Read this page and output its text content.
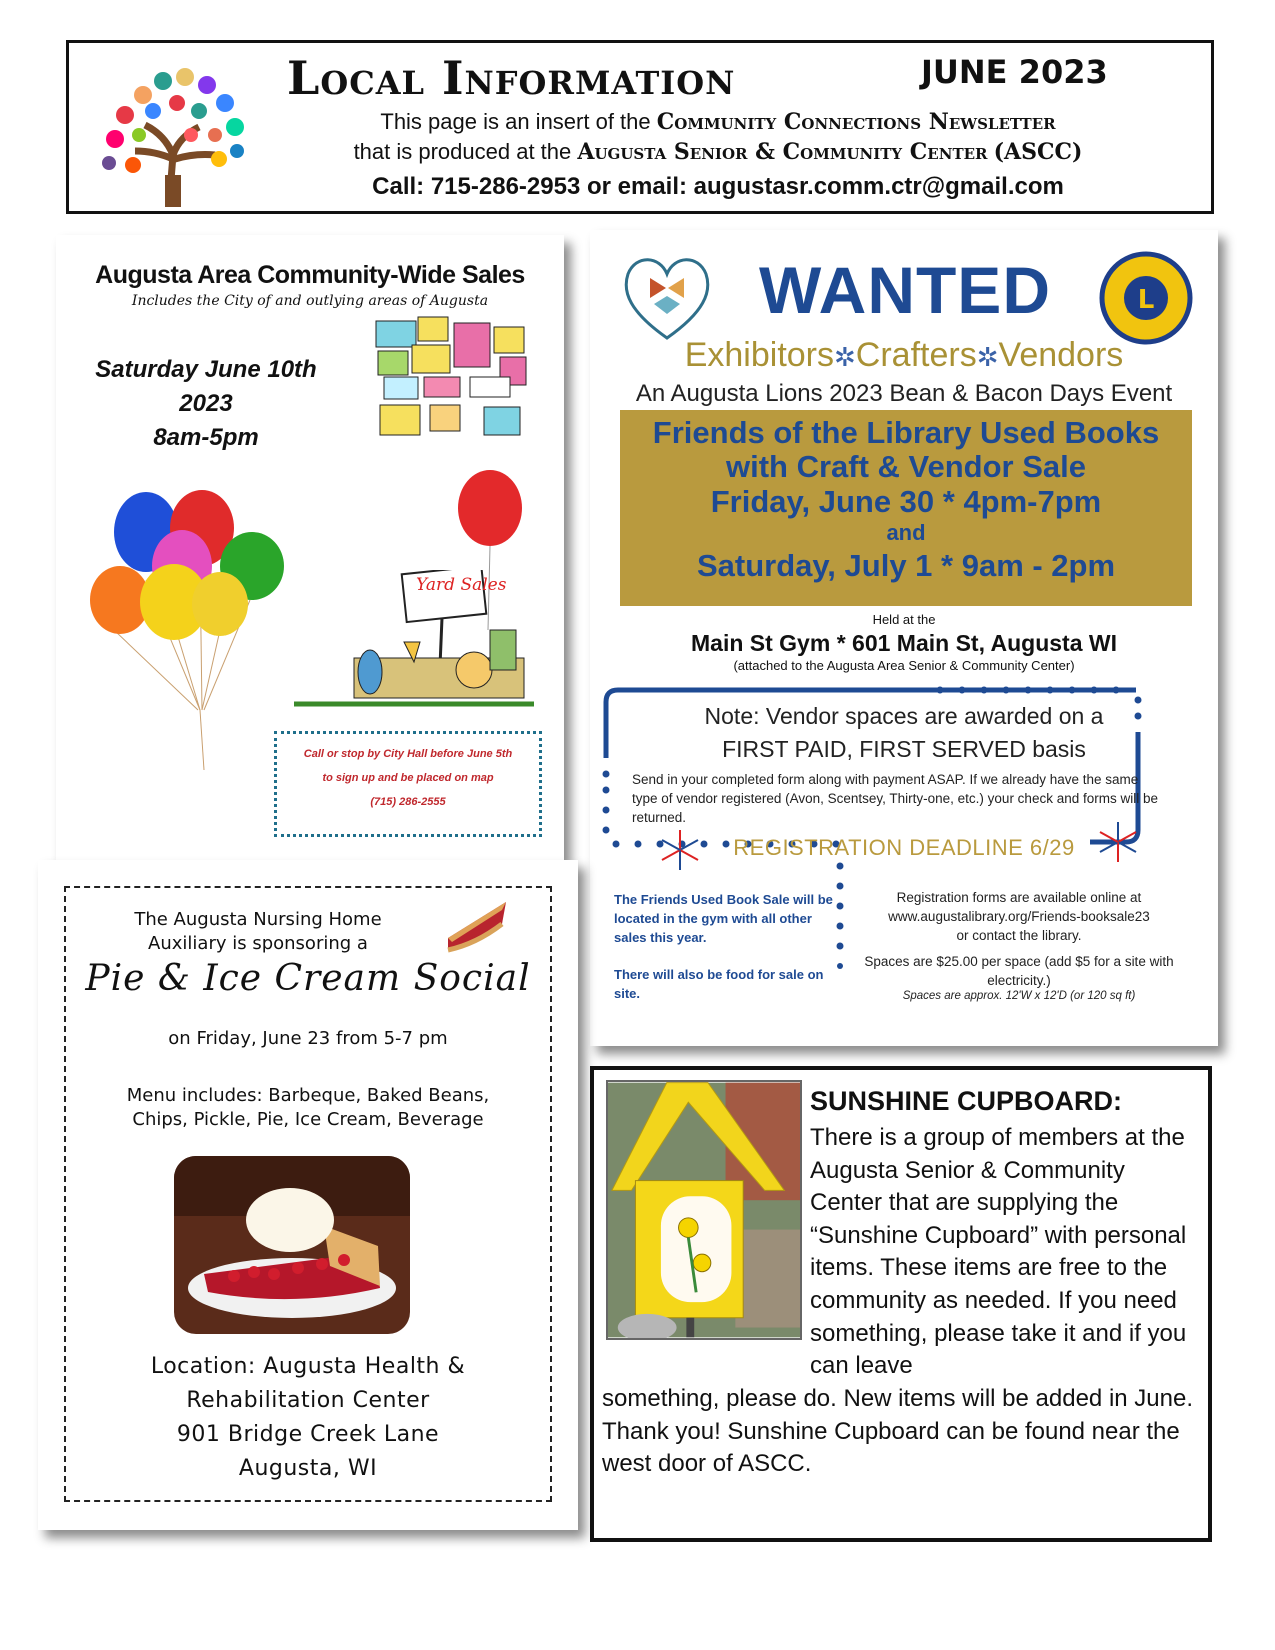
Local Information	JUNE 2023
This page is an insert of the Community Connections Newsletter
that is produced at the Augusta Senior & Community Center (ASCC)
Call: 715-286-2953 or email: augustasr.comm.ctr@gmail.com
Augusta Area Community-Wide Sales
Includes the City of and outlying areas of Augusta
Saturday June 10th
2023
8am-5pm
Yard Sales
Call or stop by City Hall before June 5th
to sign up and be placed on map
(715) 286-2555
L
WANTED
Exhibitors✲Crafters✲Vendors
An Augusta Lions 2023 Bean & Bacon Days Event
Friends of the Library Used Books
with Craft & Vendor Sale
Friday, June 30 * 4pm-7pm
and
Saturday, July 1 * 9am - 2pm
Held at the
Main St Gym * 601 Main St, Augusta WI
(attached to the Augusta Area Senior & Community Center)
Note: Vendor spaces are awarded on a
FIRST PAID, FIRST SERVED basis
Send in your completed form along with payment ASAP. If we already have the same type of vendor registered (Avon, Scentsey, Thirty-one, etc.) your check and forms will be returned.
REGISTRATION DEADLINE 6/29
The Friends Used Book Sale will be located in the gym with all other sales this year.
There will also be food for sale on site.
Registration forms are available online at
www.augustalibrary.org/Friends-booksale23
or contact the library.
Spaces are $25.00 per space (add $5 for a site with electricity.)
Spaces are approx. 12'W x 12'D (or 120 sq ft)
The Augusta Nursing Home
Auxiliary is sponsoring a
Pie & Ice Cream Social
on Friday, June 23 from 5-7 pm
Menu includes: Barbeque, Baked Beans,
Chips, Pickle, Pie, Ice Cream, Beverage
Location: Augusta Health &
Rehabilitation Center
901 Bridge Creek Lane
Augusta, WI
SUNSHINE CUPBOARD:
There is a group of members at the Augusta Senior & Community Center that are supplying the “Sunshine Cupboard” with personal items. These items are free to the community as needed. If you need something, please take it and if you can leave
something, please do. New items will be added in June. Thank you! Sunshine Cupboard can be found near the west door of ASCC.
